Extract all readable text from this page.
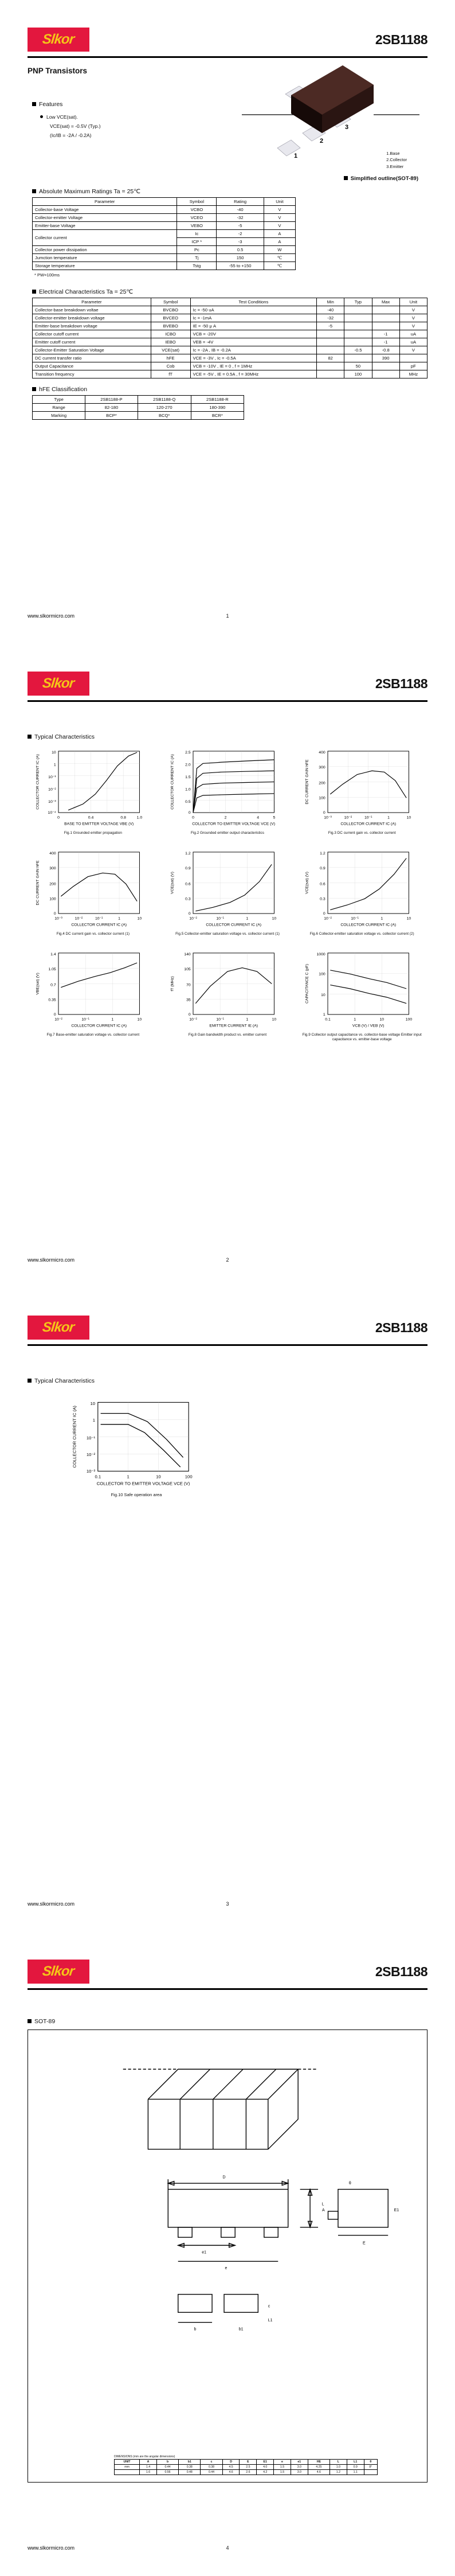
Slkor	2SB1188
PNP Transistors
Features
Low VCE(sat).
VCE(sat) = -0.5V (Typ.)
(Ic/IB = -2A / -0.2A)
1
2
3
1.Base
2.Collector
3.Emitter
Simplified outline(SOT-89)
Absolute Maximum Ratings Ta = 25℃
Parameter	Symbol	Rating	Unit
Collector-base Voltage	VCBO	-40	V
Collector-emitter Voltage	VCEO	-32	V
Emitter-base Voltage	VEBO	-5	V
Collector current	Ic	-2	A
	ICP *	-3	A
Collector power dissipation	Pc	0.5	W
Jumction temperature	Tj	150	℃
Storage temperature	Tstg	-55 to +150	℃
* PW=100ms
Electrical Characteristics Ta = 25℃
Parameter	Symbol	Test Conditions	Min	Typ	Max	Unit
Collector-base breakdown voltae	BVCBO	Ic = -50 uA	-40			V
Collector-emitter breakdown voltage	BVCEO	Ic = -1mA	-32			V
Emitter-base breakdown voltage	BVEBO	IE = -50 μ A	-5			V
Collector cutoff current	ICBO	VCB = -20V			-1	uA
Emitter cutoff current	IEBO	VEB = -4V			-1	uA
Collector-Emitter Saturation Voltage	VCE(sat)	Ic = -2A , IB = -0.2A		-0.5	-0.8	V
DC current transfer ratio	hFE	VCE = -3V , Ic = -0.5A	82		390	
Output Capacitance	Cob	VCB = -10V , IE = 0 , f = 1MHz		50		pF
Transition frequency	fT	VCE = -5V , IE = 0.5A , f = 30MHz		100		MHz
hFE Classification
Type	2SB1188-P	2SB1188-Q	2SB1188-R
Range	82-180	120-270	180-390
Marking	BCP*	BCQ*	BCR*
www.slkormicro.com	1
Slkor	2SB1188
Typical Characteristics
10
1
10⁻¹
10⁻²
10⁻³
10⁻⁴
0	0.4	0.8	1.0
BASE TO EMITTER VOLTAGE VBE (V)
COLLECTOR CURRENT IC (A)
Fig.1 Grounded emitter propagation
2.5
2.0
1.5
1.0
0.5
0
0	2	4	5
COLLECTOR TO EMITTER VOLTAGE VCE (V)
COLLECTOR CURRENT IC (A)
Fig.2 Grounded emitter output characteristics
400
300
200
100
0
10⁻³	10⁻²	10⁻¹	1	10
COLLECTOR CURRENT IC (A)
DC CURRENT GAIN hFE
Fig.3 DC current gain vs. collector current
400
300
200
100
0
10⁻³	10⁻²	10⁻¹	1	10
COLLECTOR CURRENT IC (A)
DC CURRENT GAIN hFE
Fig.4 DC current gain vs. collector current (1)
1.2
0.9
0.6
0.3
0
10⁻²	10⁻¹	1	10
COLLECTOR CURRENT IC (A)
VCE(sat) (V)
Fig.5 Collector-emitter saturation voltage vs. collector current (1)
1.2
0.9
0.6
0.3
0
10⁻²	10⁻¹	1	10
COLLECTOR CURRENT IC (A)
VCE(sat) (V)
Fig.6 Collector-emitter saturation voltage vs. collector current (2)
1.4
1.05
0.7
0.35
0
10⁻²	10⁻¹	1	10
COLLECTOR CURRENT IC (A)
VBE(sat) (V)
Fig.7 Base-emitter saturation voltage vs. collector current
140
105
70
35
0
10⁻²	10⁻¹	1	10
EMITTER CURRENT IE (A)
fT (MHz)
Fig.8 Gain bandwidth product vs. emitter current
1000
100
10
1
0.1	1	10	100
VCB (V) / VEB (V)
CAPACITANCE C (pF)
Fig.9 Collector output capacitance vs. collector-base voltage Emitter input capacitance vs. emitter-base voltage
www.slkormicro.com	2
Slkor	2SB1188
Typical Characteristics
10
1
10⁻¹
10⁻²
10⁻³
0.1	1	10	100
COLLECTOR TO EMITTER VOLTAGE VCE (V)
COLLECTOR CURRENT IC (A)
Fig.10 Safe operation area
www.slkormicro.com	3
Slkor	2SB1188
SOT-89
D
A
e1
e
E
E1
L
θ
b	b1
c
L1
DIMENSIONS (mm are the angular dimensions)
UNIT	A	b	b1	c	D	E	E1	e	e1	HE	L	L1	θ
mm	1.4	0.44	0.38	0.38	4.5	2.5	4.0	1.5	3.0	4.25	1.0	0.9	8°
	1.6	0.56	0.48	0.44	4.6	2.6	4.2	1.5	3.0	4.6	1.2	1.1	
www.slkormicro.com	4
